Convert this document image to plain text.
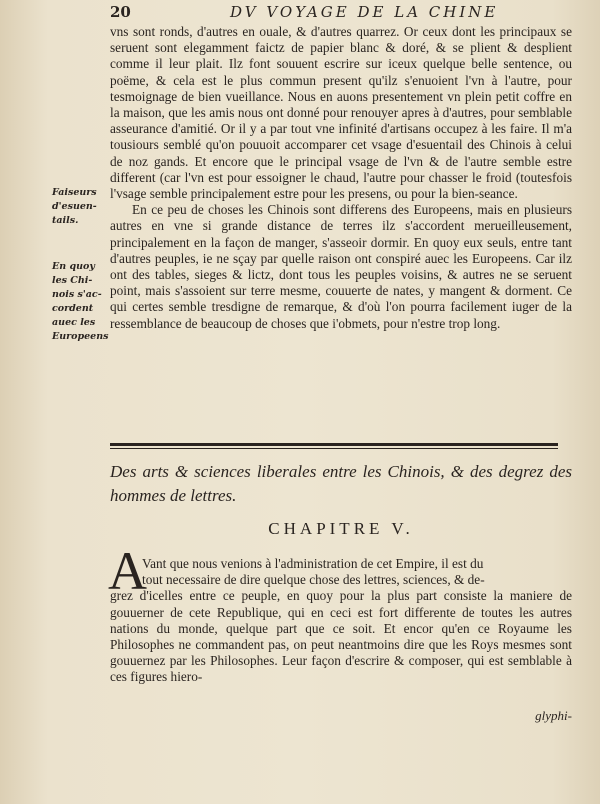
20	DV VOYAGE DE LA CHINE
Faiseurs
d'esuen-
tails.
En quoy
les Chi-
nois s'ac-
cordent
auec les
Europeens

vns sont ronds, d'autres en ouale, & d'autres quarrez. Or ceux dont les principaux se seruent sont elegamment faictz de papier blanc & doré, & se plient & desplient comme il leur plait. Ilz font souuent escrire sur iceux quelque belle sentence, ou poëme, & cela est le plus commun present qu'ilz s'enuoient l'vn à l'autre, pour tesmoignage de bien vueillance. Nous en auons presentement vn plein petit coffre en la maison, que les amis nous ont donné pour renouyer apres à d'autres, pour semblable asseurance d'amitié. Or il y a par tout vne infinité d'artisans occupez à les faire. Il m'a tousiours semblé qu'on pouuoit accomparer cet vsage d'esuentail des Chinois à celui de noz gands. Et encore que le principal vsage de l'vn & de l'autre semble estre different (car l'vn est pour essoigner le chaud, l'autre pour chasser le froid (toutesfois l'vsage semble principalement estre pour les presens, ou pour la bien-seance.

En ce peu de choses les Chinois sont differens des Europeens, mais en plusieurs autres en vne si grande distance de terres ilz s'accordent merueilleusement, principalement en la façon de manger, s'asseoir dormir. En quoy eux seuls, entre tant d'autres peuples, ie ne sçay par quelle raison ont conspiré auec les Europeens. Car ilz ont des tables, sieges & lictz, dont tous les peuples voisins, & autres ne se seruent point, mais s'assoient sur terre mesme, couuerte de nates, y mangent & dorment. Ce qui certes semble tresdigne de remarque, & d'où l'on pourra facilement iuger de la ressemblance de beaucoup de choses que i'obmets, pour n'estre trop long.

Des arts & sciences liberales entre les Chinois, & des degrez des hommes de lettres.
CHAPITRE V.
A
Vant que nous venions à l'administration de cet Empire, il est du
tout necessaire de dire quelque chose des lettres, sciences, & de-
grez d'icelles entre ce peuple, en quoy pour la plus part consiste la maniere de gouuerner de cete Republique, qui en ceci est fort differente de toutes les autres nations du monde, quelque part que ce soit. Et encor qu'en ce Royaume les Philosophes ne commandent pas, on peut neantmoins dire que les Roys mesmes sont gouuernez par les Philosophes. Leur façon d'escrire & composer, qui est semblable à ces figures hiero-
glyphi-
